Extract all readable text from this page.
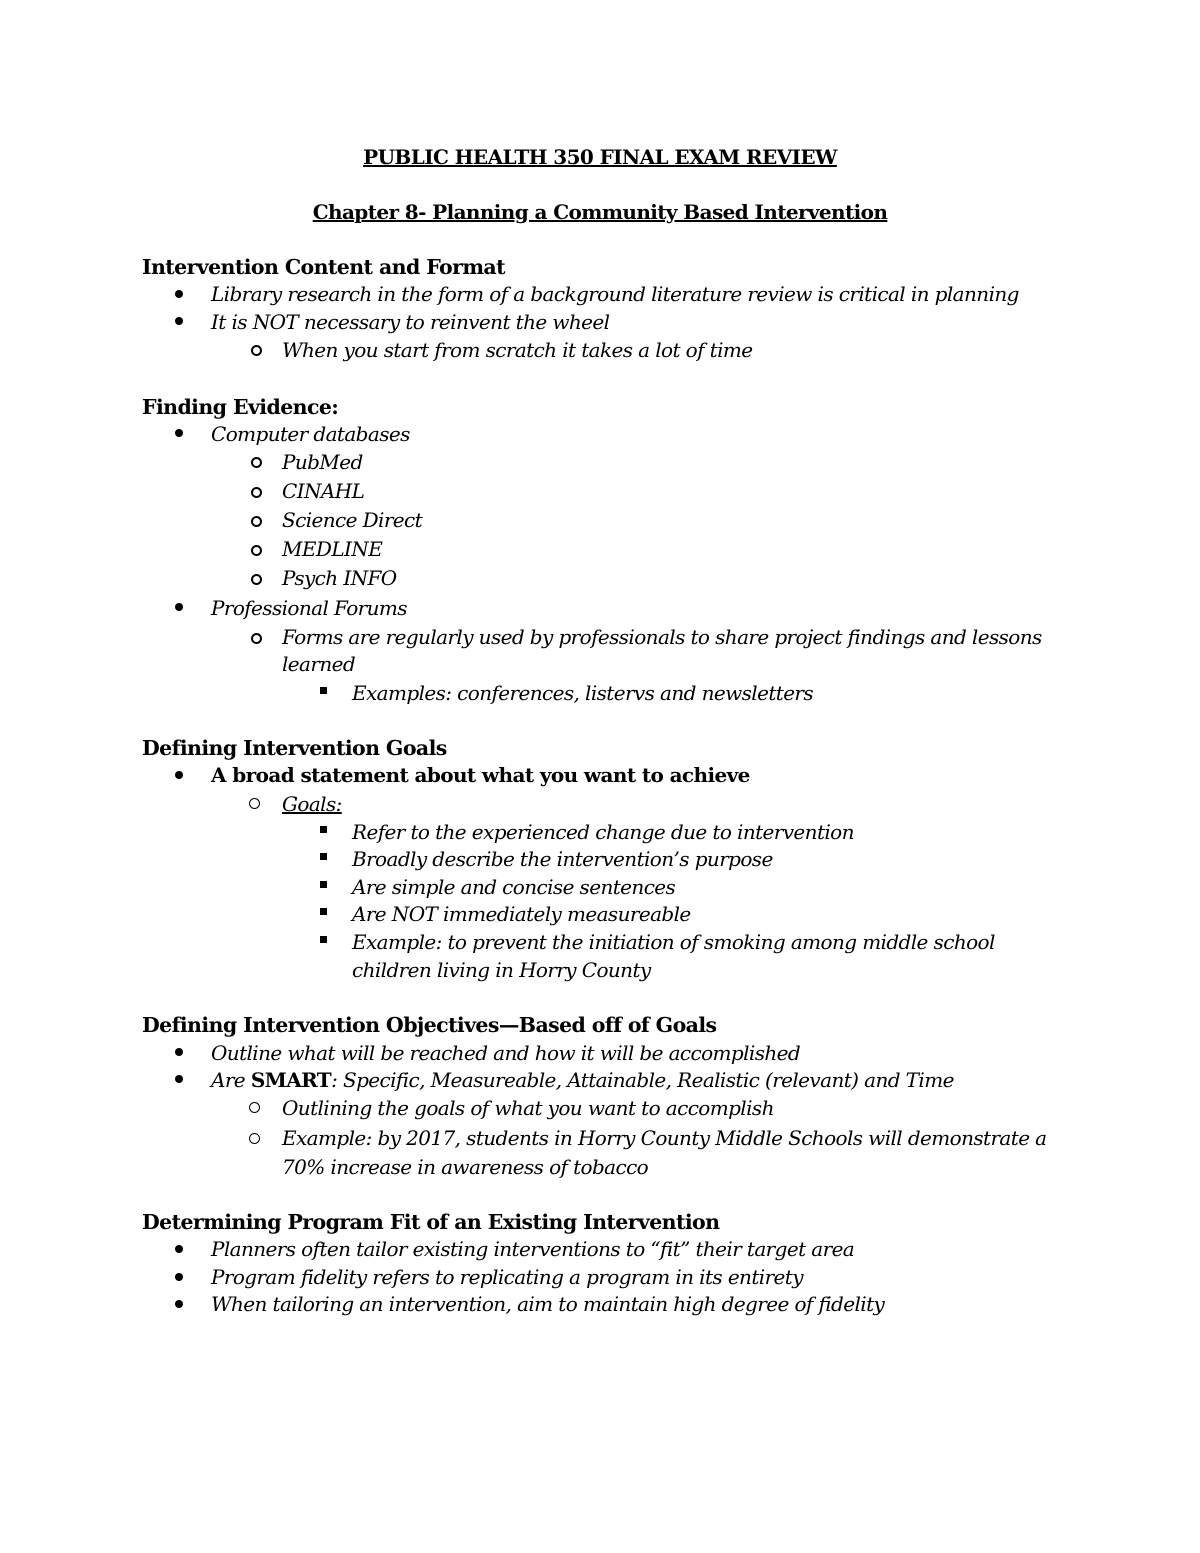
PUBLIC HEALTH 350 FINAL EXAM REVIEW
Chapter 8- Planning a Community Based Intervention
Intervention Content and Format
Library research in the form of a background literature review is critical in planning
It is NOT necessary to reinvent the wheel
When you start from scratch it takes a lot of time
Finding Evidence:
Computer databases
PubMed
CINAHL
Science Direct
MEDLINE
Psych INFO
Professional Forums
Forms are regularly used by professionals to share project findings and lessons
learned
Examples: conferences, listervs and newsletters
Defining Intervention Goals
A broad statement about what you want to achieve
Goals:
Refer to the experienced change due to intervention
Broadly describe the intervention’s purpose
Are simple and concise sentences
Are NOT immediately measureable
Example: to prevent the initiation of smoking among middle school
children living in Horry County
Defining Intervention Objectives—Based off of Goals
Outline what will be reached and how it will be accomplished
Are SMART: Specific, Measureable, Attainable, Realistic (relevant) and Time
Outlining the goals of what you want to accomplish
Example: by 2017, students in Horry County Middle Schools will demonstrate a
70% increase in awareness of tobacco
Determining Program Fit of an Existing Intervention
Planners often tailor existing interventions to “fit” their target area
Program fidelity refers to replicating a program in its entirety
When tailoring an intervention, aim to maintain high degree of fidelity
